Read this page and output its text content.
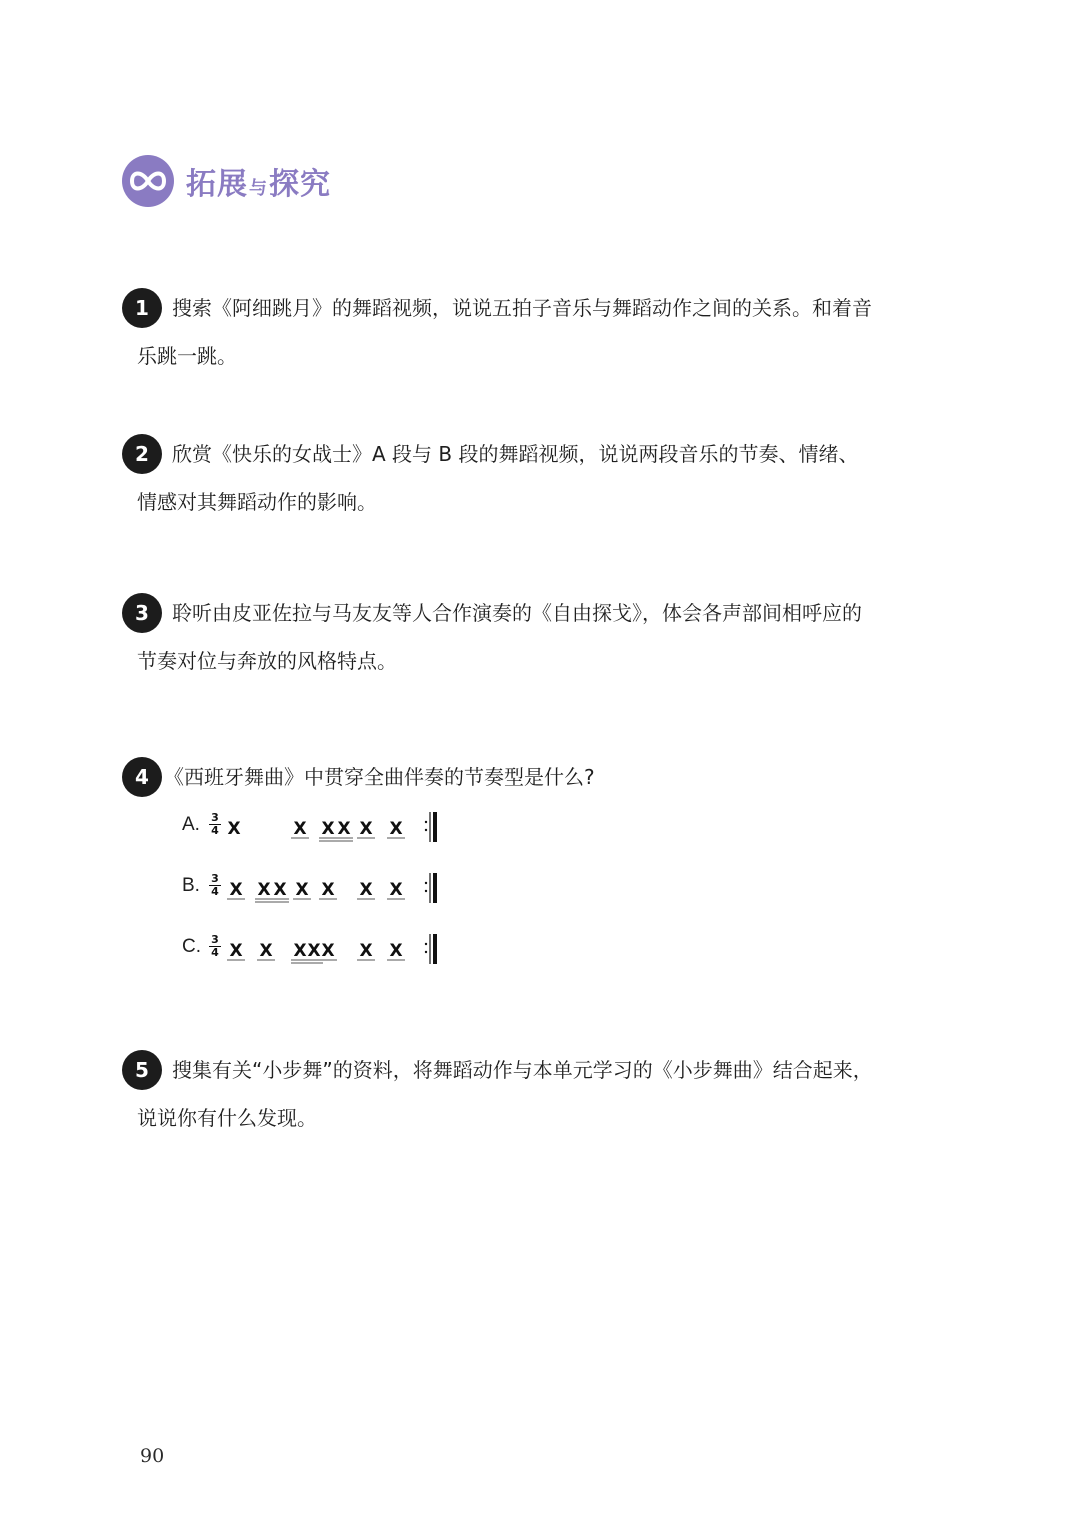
拓展 与 探究
1	搜索《阿细跳月》的舞蹈视频，说说五拍子音乐与舞蹈动作之间的关系。和着音
乐跳一跳。
2	欣赏《快乐的女战士》A 段与 B 段的舞蹈视频，说说两段音乐的节奏、情绪、
情感对其舞蹈动作的影响。
3	聆听由皮亚佐拉与马友友等人合作演奏的《自由探戈》，体会各声部间相呼应的
节奏对位与奔放的风格特点。
4 《西班牙舞曲》中贯穿全曲伴奏的节奏型是什么?
A. 3
4 X	X X X X X
B. 3
4 X X X X X X X
C. 3
4 X X X X X X X
5	搜集有关“小步舞”的资料，将舞蹈动作与本单元学习的《小步舞曲》结合起来，
说说你有什么发现。
90
